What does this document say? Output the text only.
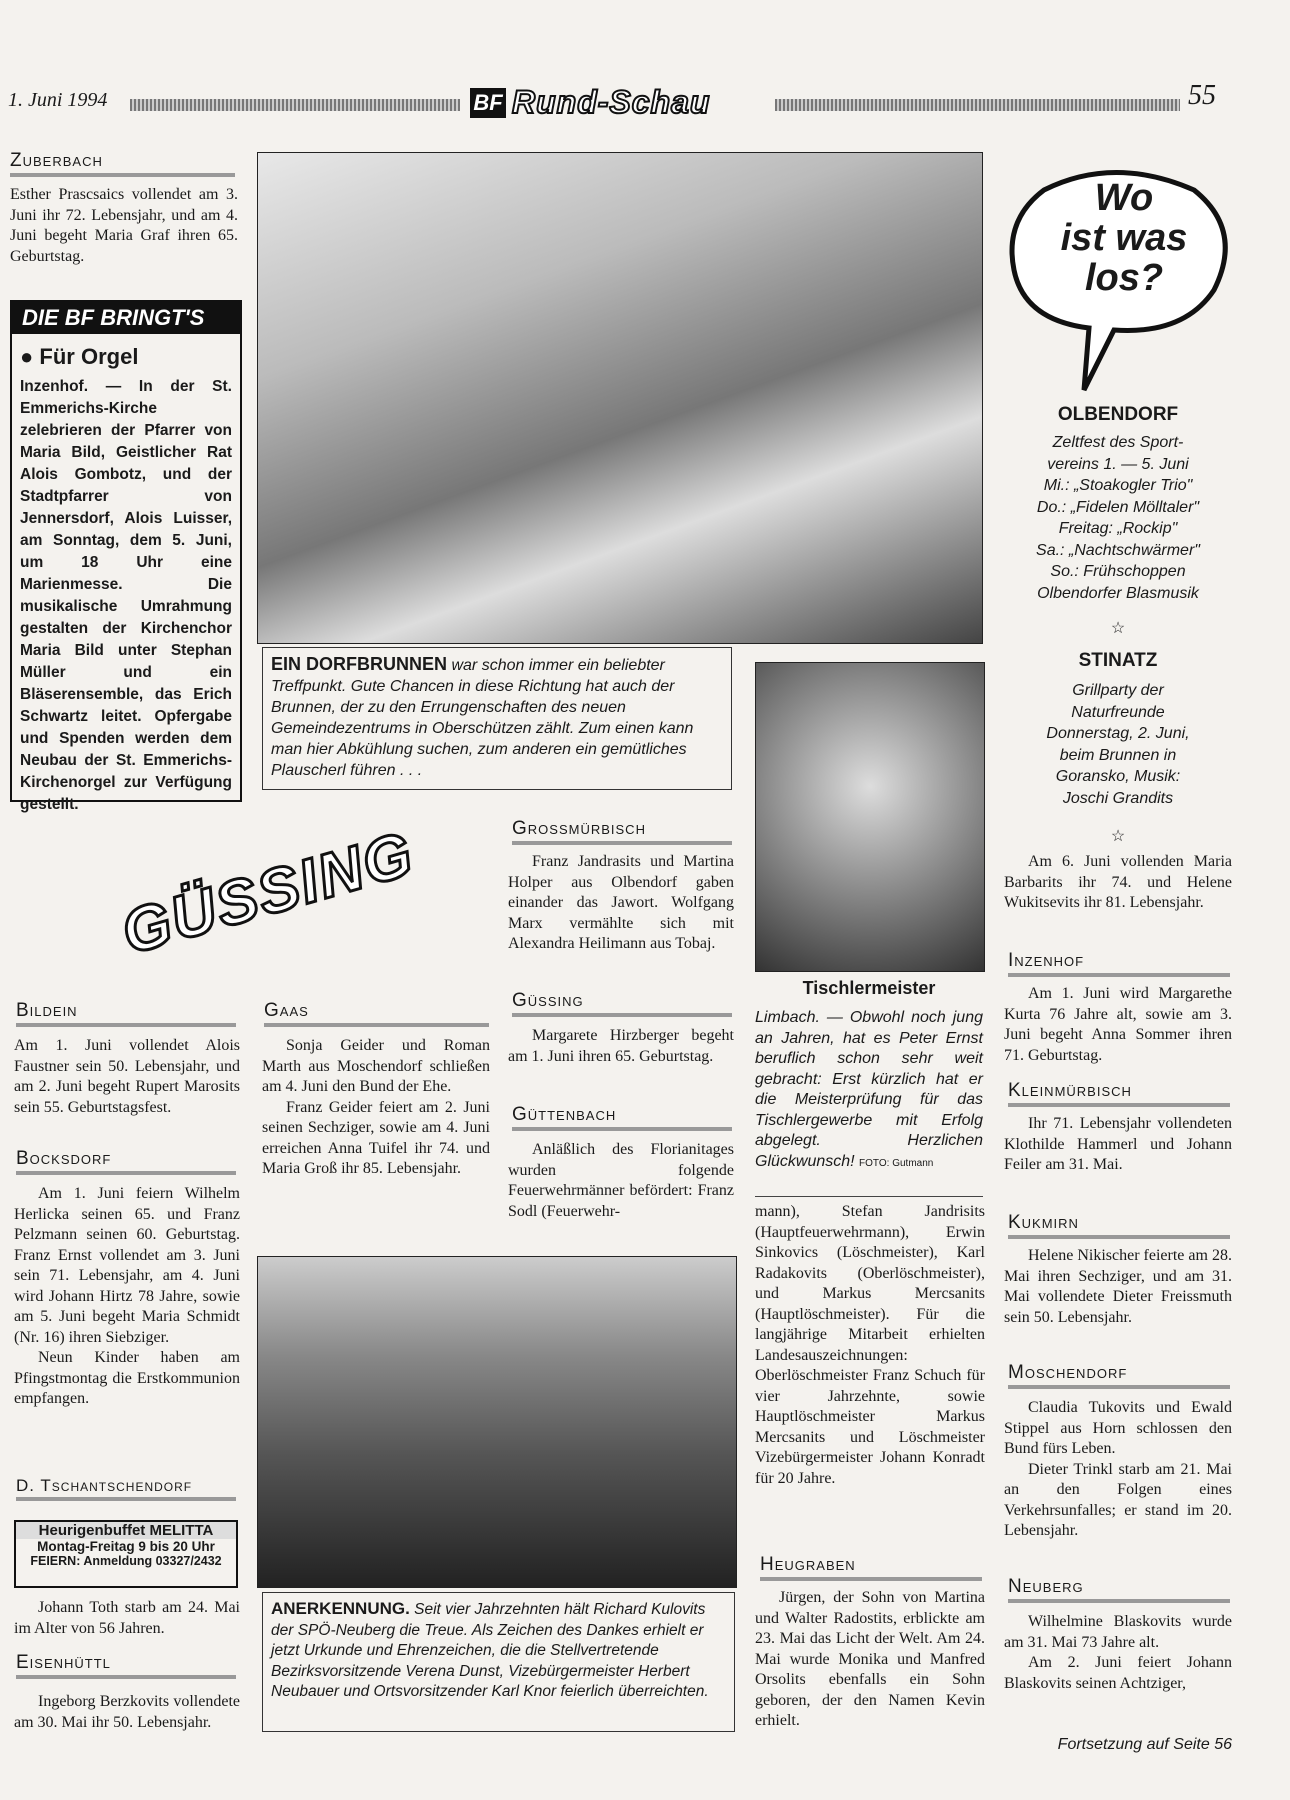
1. Juni 1994	BF Rund-Schau	55
Zuberbach
Esther Prascsaics vollendet am 3. Juni ihr 72. Lebensjahr, und am 4. Juni begeht Maria Graf ihren 65. Geburtstag.
DIE BF BRINGT'S
● Für Orgel
Inzenhof. — In der St. Emmerichs-Kirche zelebrieren der Pfarrer von Maria Bild, Geistlicher Rat Alois Gombotz, und der Stadtpfarrer von Jennersdorf, Alois Luisser, am Sonntag, dem 5. Juni, um 18 Uhr eine Marienmesse. Die musikalische Umrahmung gestalten der Kirchenchor Maria Bild unter Stephan Müller und ein Bläserensemble, das Erich Schwartz leitet. Opfergabe und Spenden werden dem Neubau der St. Emmerichs-Kirchenorgel zur Verfügung gestellt.
EIN DORFBRUNNEN war schon immer ein beliebter Treffpunkt. Gute Chancen in diese Richtung hat auch der Brunnen, der zu den Errungenschaften des neuen Gemeindezentrums in Oberschützen zählt. Zum einen kann man hier Abkühlung suchen, zum anderen ein gemütliches Plauscherl führen . . .
GÜSSING
Bildein
Am 1. Juni vollendet Alois Faustner sein 50. Lebensjahr, und am 2. Juni begeht Rupert Marosits sein 55. Geburtstagsfest.
Bocksdorf

Am 1. Juni feiern Wilhelm Herlicka seinen 65. und Franz Pelzmann seinen 60. Geburtstag. Franz Ernst vollendet am 3. Juni sein 71. Lebensjahr, am 4. Juni wird Johann Hirtz 78 Jahre, sowie am 5. Juni begeht Maria Schmidt (Nr. 16) ihren Siebziger.

Neun Kinder haben am Pfingstmontag die Erstkommunion empfangen.

D. Tschantschendorf
Heurigenbuffet MELITTA
Montag-Freitag 9 bis 20 Uhr
FEIERN: Anmeldung 03327/2432

Johann Toth starb am 24. Mai im Alter von 56 Jahren.

Eisenhüttl

Ingeborg Berzkovits vollendete am 30. Mai ihr 50. Lebensjahr.

Gaas

Sonja Geider und Roman Marth aus Moschendorf schließen am 4. Juni den Bund der Ehe.

Franz Geider feiert am 2. Juni seinen Sechziger, sowie am 4. Juni erreichen Anna Tuifel ihr 74. und Maria Groß ihr 85. Lebensjahr.

Grossmürbisch

Franz Jandrasits und Martina Holper aus Olbendorf gaben einander das Jawort. Wolfgang Marx vermählte sich mit Alexandra Heilimann aus Tobaj.

Güssing

Margarete Hirzberger begeht am 1. Juni ihren 65. Geburtstag.

Güttenbach

Anläßlich des Florianitages wurden folgende Feuerwehrmänner befördert: Franz Sodl (Feuerwehr-

ANERKENNUNG. Seit vier Jahrzehnten hält Richard Kulovits der SPÖ-Neuberg die Treue. Als Zeichen des Dankes erhielt er jetzt Urkunde und Ehrenzeichen, die die Stellvertretende Bezirksvorsitzende Verena Dunst, Vizebürgermeister Herbert Neubauer und Ortsvorsitzender Karl Knor feierlich überreichten.
Tischlermeister
Limbach. — Obwohl noch jung an Jahren, hat es Peter Ernst beruflich schon sehr weit gebracht: Erst kürzlich hat er die Meisterprüfung für das Tischlergewerbe mit Erfolg abgelegt. Herzlichen Glückwunsch! FOTO: Gutmann
mann), Stefan Jandrisits (Hauptfeuerwehrmann), Erwin Sinkovics (Löschmeister), Karl Radakovits (Oberlöschmeister), und Markus Mercsanits (Hauptlöschmeister). Für die langjährige Mitarbeit erhielten Landesauszeichnungen: Oberlöschmeister Franz Schuch für vier Jahrzehnte, sowie Hauptlöschmeister Markus Mercsanits und Löschmeister Vizebürgermeister Johann Konradt für 20 Jahre.
Heugraben

Jürgen, der Sohn von Martina und Walter Radostits, erblickte am 23. Mai das Licht der Welt. Am 24. Mai wurde Monika und Manfred Orsolits ebenfalls ein Sohn geboren, der den Namen Kevin erhielt.

Wo
ist was
los?
OLBENDORF
Zeltfest des Sport-
vereins 1. — 5. Juni
Mi.: „Stoakogler Trio"
Do.: „Fidelen Mölltaler"
Freitag: „Rockip"
Sa.: „Nachtschwärmer"
So.: Frühschoppen
Olbendorfer Blasmusik
☆
STINATZ
Grillparty der
Naturfreunde
Donnerstag, 2. Juni,
beim Brunnen in
Goransko, Musik:
Joschi Grandits
☆

Am 6. Juni vollenden Maria Barbarits ihr 74. und Helene Wukitsevits ihr 81. Lebensjahr.

Inzenhof

Am 1. Juni wird Margarethe Kurta 76 Jahre alt, sowie am 3. Juni begeht Anna Sommer ihren 71. Geburtstag.

Kleinmürbisch

Ihr 71. Lebensjahr vollendeten Klothilde Hammerl und Johann Feiler am 31. Mai.

Kukmirn

Helene Nikischer feierte am 28. Mai ihren Sechziger, und am 31. Mai vollendete Dieter Freissmuth sein 50. Lebensjahr.

Moschendorf

Claudia Tukovits und Ewald Stippel aus Horn schlossen den Bund fürs Leben.

Dieter Trinkl starb am 21. Mai an den Folgen eines Verkehrsunfalles; er stand im 20. Lebensjahr.

Neuberg

Wilhelmine Blaskovits wurde am 31. Mai 73 Jahre alt.

Am 2. Juni feiert Johann Blaskovits seinen Achtziger,

Fortsetzung auf Seite 56
